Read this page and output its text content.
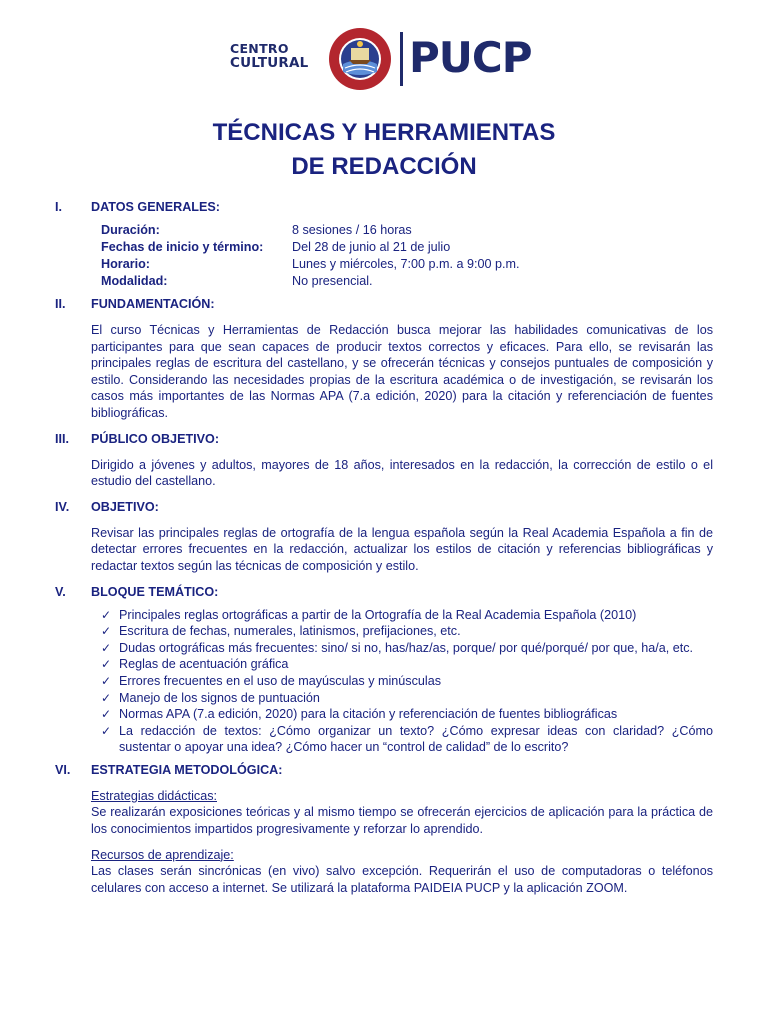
CENTRO
CULTURAL PUCP
TÉCNICAS Y HERRAMIENTAS
DE REDACCIÓN
I. DATOS GENERALES:
Duración:	8 sesiones / 16 horas
Fechas de inicio y término: Del 28 de junio al 21 de julio
Horario:	Lunes y miércoles, 7:00 p.m. a 9:00 p.m.
Modalidad:	No presencial.
II. FUNDAMENTACIÓN:

El curso Técnicas y Herramientas de Redacción busca mejorar las habilidades comunicativas de los participantes para que sean capaces de producir textos correctos y eficaces. Para ello, se revisarán las principales reglas de escritura del castellano, y se ofrecerán técnicas y consejos puntuales de composición y estilo. Considerando las necesidades propias de la escritura académica o de investigación, se revisarán los casos más importantes de las Normas APA (7.a edición, 2020) para la citación y referenciación de fuentes bibliográficas.

III. PÚBLICO OBJETIVO:

Dirigido a jóvenes y adultos, mayores de 18 años, interesados en la redacción, la corrección de estilo o el estudio del castellano.

IV. OBJETIVO:

Revisar las principales reglas de ortografía de la lengua española según la Real Academia Española a fin de detectar errores frecuentes en la redacción, actualizar los estilos de citación y referencias bibliográficas y redactar textos según las técnicas de composición y estilo.

V. BLOQUE TEMÁTICO:
✓ Principales reglas ortográficas a partir de la Ortografía de la Real Academia Española (2010)
✓ Escritura de fechas, numerales, latinismos, prefijaciones, etc.
✓ Dudas ortográficas más frecuentes: sino/ si no, has/haz/as, porque/ por qué/porqué/ por que, ha/a, etc.
✓ Reglas de acentuación gráfica
✓ Errores frecuentes en el uso de mayúsculas y minúsculas
✓ Manejo de los signos de puntuación
✓ Normas APA (7.a edición, 2020) para la citación y referenciación de fuentes bibliográficas
✓ La redacción de textos: ¿Cómo organizar un texto? ¿Cómo expresar ideas con claridad? ¿Cómo sustentar o apoyar una idea? ¿Cómo hacer un “control de calidad” de lo escrito?
VI. ESTRATEGIA METODOLÓGICA:
Estrategias didácticas:
Se realizarán exposiciones teóricas y al mismo tiempo se ofrecerán ejercicios de aplicación para la práctica de los conocimientos impartidos progresivamente y reforzar lo aprendido.
Recursos de aprendizaje:
Las clases serán sincrónicas (en vivo) salvo excepción. Requerirán el uso de computadoras o teléfonos celulares con acceso a internet. Se utilizará la plataforma PAIDEIA PUCP y la aplicación ZOOM.
